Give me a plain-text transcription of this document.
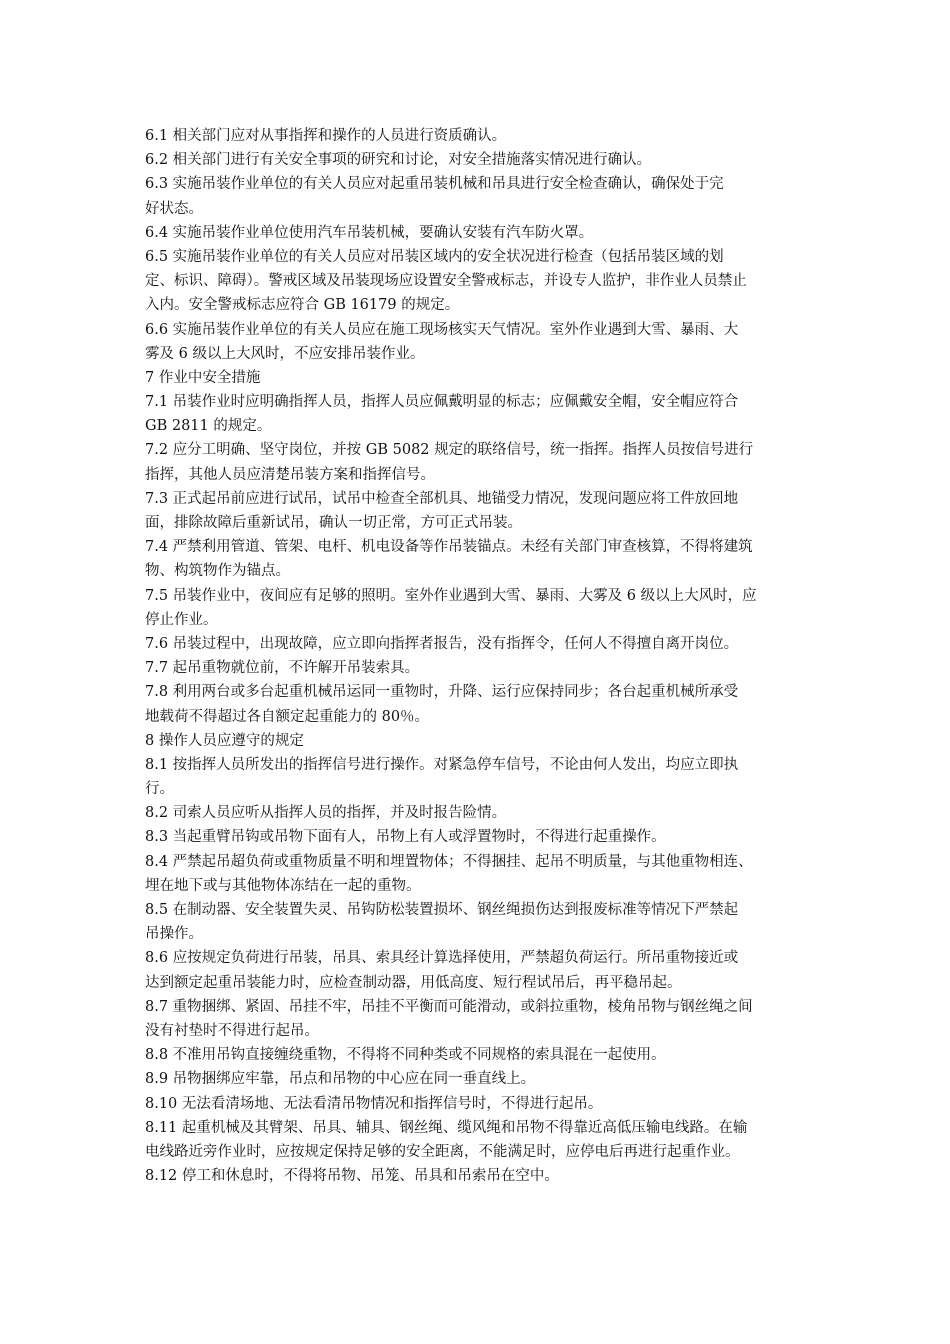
6.1 相关部门应对从事指挥和操作的人员进行资质确认。
6.2 相关部门进行有关安全事项的研究和讨论，对安全措施落实情况进行确认。
6.3 实施吊装作业单位的有关人员应对起重吊装机械和吊具进行安全检查确认，确保处于完
好状态。
6.4 实施吊装作业单位使用汽车吊装机械，要确认安装有汽车防火罩。
6.5 实施吊装作业单位的有关人员应对吊装区域内的安全状况进行检查（包括吊装区域的划
定、标识、障碍）。警戒区域及吊装现场应设置安全警戒标志，并设专人监护，非作业人员禁止
入内。安全警戒标志应符合 GB 16179 的规定。
6.6 实施吊装作业单位的有关人员应在施工现场核实天气情况。室外作业遇到大雪、暴雨、大
雾及 6 级以上大风时，不应安排吊装作业。
7 作业中安全措施
7.1 吊装作业时应明确指挥人员，指挥人员应佩戴明显的标志；应佩戴安全帽，安全帽应符合
GB 2811 的规定。
7.2 应分工明确、坚守岗位，并按 GB 5082 规定的联络信号，统一指挥。指挥人员按信号进行
指挥，其他人员应清楚吊装方案和指挥信号。
7.3 正式起吊前应进行试吊，试吊中检查全部机具、地锚受力情况，发现问题应将工件放回地
面，排除故障后重新试吊，确认一切正常，方可正式吊装。
7.4 严禁利用管道、管架、电杆、机电设备等作吊装锚点。未经有关部门审查核算，不得将建筑
物、构筑物作为锚点。
7.5 吊装作业中，夜间应有足够的照明。室外作业遇到大雪、暴雨、大雾及 6 级以上大风时，应
停止作业。
7.6 吊装过程中，出现故障，应立即向指挥者报告，没有指挥令，任何人不得擅自离开岗位。
7.7 起吊重物就位前，不许解开吊装索具。
7.8 利用两台或多台起重机械吊运同一重物时，升降、运行应保持同步；各台起重机械所承受
地载荷不得超过各自额定起重能力的 80％。
8 操作人员应遵守的规定
8.1 按指挥人员所发出的指挥信号进行操作。对紧急停车信号，不论由何人发出，均应立即执
行。
8.2 司索人员应听从指挥人员的指挥，并及时报告险情。
8.3 当起重臂吊钩或吊物下面有人，吊物上有人或浮置物时，不得进行起重操作。
8.4 严禁起吊超负荷或重物质量不明和埋置物体；不得捆挂、起吊不明质量，与其他重物相连、
埋在地下或与其他物体冻结在一起的重物。
8.5 在制动器、安全装置失灵、吊钩防松装置损坏、钢丝绳损伤达到报废标准等情况下严禁起
吊操作。
8.6 应按规定负荷进行吊装，吊具、索具经计算选择使用，严禁超负荷运行。所吊重物接近或
达到额定起重吊装能力时，应检查制动器，用低高度、短行程试吊后，再平稳吊起。
8.7 重物捆绑、紧固、吊挂不牢，吊挂不平衡而可能滑动，或斜拉重物，棱角吊物与钢丝绳之间
没有衬垫时不得进行起吊。
8.8 不准用吊钩直接缠绕重物，不得将不同种类或不同规格的索具混在一起使用。
8.9 吊物捆绑应牢靠，吊点和吊物的中心应在同一垂直线上。
8.10 无法看清场地、无法看清吊物情况和指挥信号时，不得进行起吊。
8.11 起重机械及其臂架、吊具、辅具、钢丝绳、缆风绳和吊物不得靠近高低压输电线路。在输
电线路近旁作业时，应按规定保持足够的安全距离，不能满足时，应停电后再进行起重作业。
8.12 停工和休息时，不得将吊物、吊笼、吊具和吊索吊在空中。
